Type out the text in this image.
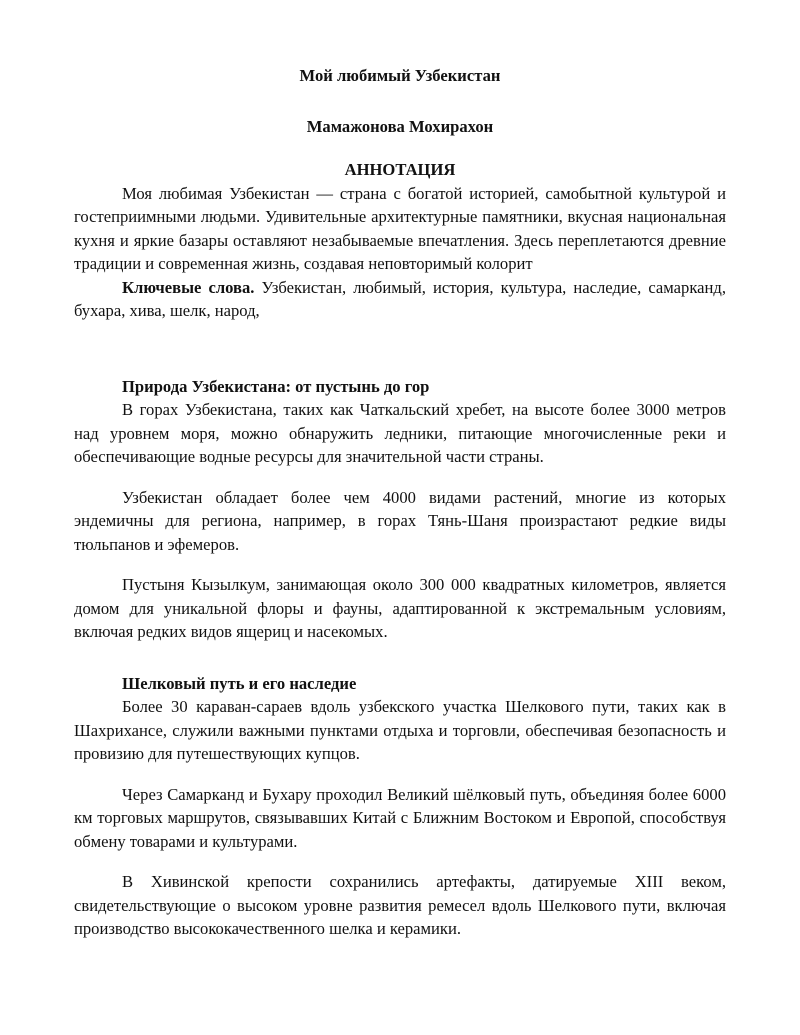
Мой любимый Узбекистан
Мамажонова Мохирахон
АННОТАЦИЯ

Моя любимая Узбекистан — страна с богатой историей, самобытной культурой и гостеприимными людьми. Удивительные архитектурные памятники, вкусная национальная кухня и яркие базары оставляют незабываемые впечатления. Здесь переплетаются древние традиции и современная жизнь, создавая неповторимый колорит

Ключевые слова. Узбекистан, любимый, история, культура, наследие, самарканд, бухара, хива, шелк, народ,

Природа Узбекистана: от пустынь до гор

В горах Узбекистана, таких как Чаткальский хребет, на высоте более 3000 метров над уровнем моря, можно обнаружить ледники, питающие многочисленные реки и обеспечивающие водные ресурсы для значительной части страны.

Узбекистан обладает более чем 4000 видами растений, многие из которых эндемичны для региона, например, в горах Тянь-Шаня произрастают редкие виды тюльпанов и эфемеров.

Пустыня Кызылкум, занимающая около 300 000 квадратных километров, является домом для уникальной флоры и фауны, адаптированной к экстремальным условиям, включая редких видов ящериц и насекомых.

Шелковый путь и его наследие

Более 30 караван-сараев вдоль узбекского участка Шелкового пути, таких как в Шахрихансе, служили важными пунктами отдыха и торговли, обеспечивая безопасность и провизию для путешествующих купцов.

Через Самарканд и Бухару проходил Великий шёлковый путь, объединяя более 6000 км торговых маршрутов, связывавших Китай с Ближним Востоком и Европой, способствуя обмену товарами и культурами.

В Хивинской крепости сохранились артефакты, датируемые XIII веком, свидетельствующие о высоком уровне развития ремесел вдоль Шелкового пути, включая производство высококачественного шелка и керамики.
